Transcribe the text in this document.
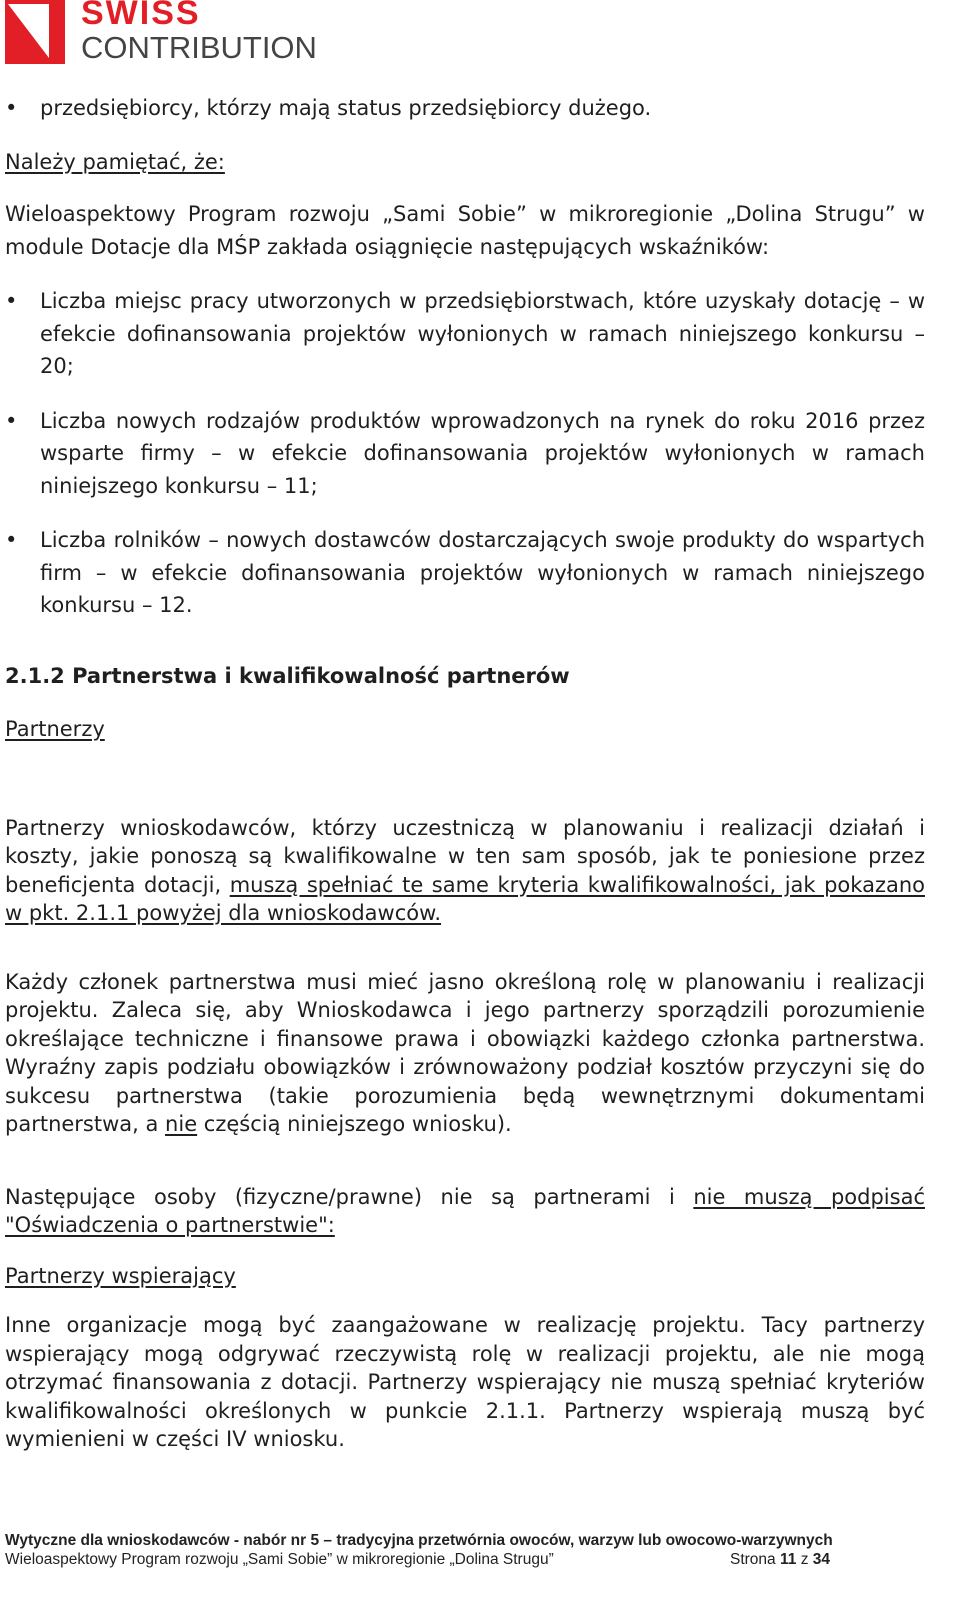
SWISS
CONTRIBUTION
• przedsiębiorcy, którzy mają status przedsiębiorcy dużego.

Należy pamiętać, że:

Wieloaspektowy Program rozwoju „Sami Sobie” w mikroregionie „Dolina Strugu” w module Dotacje dla MŚP zakłada osiągnięcie następujących wskaźników:

• Liczba miejsc pracy utworzonych w przedsiębiorstwach, które uzyskały dotację – w efekcie dofinansowania projektów wyłonionych w ramach niniejszego konkursu – 20;
• Liczba nowych rodzajów produktów wprowadzonych na rynek do roku 2016 przez wsparte firmy – w efekcie dofinansowania projektów wyłonionych w ramach niniejszego konkursu – 11;
• Liczba rolników – nowych dostawców dostarczających swoje produkty do wspartych firm – w efekcie dofinansowania projektów wyłonionych w ramach niniejszego konkursu – 12.

2.1.2 Partnerstwa i kwalifikowalność partnerów

Partnerzy

Partnerzy wnioskodawców, którzy uczestniczą w planowaniu i realizacji działań i koszty, jakie ponoszą są kwalifikowalne w ten sam sposób, jak te poniesione przez beneficjenta dotacji, muszą spełniać te same kryteria kwalifikowalności, jak pokazano w pkt. 2.1.1 powyżej dla wnioskodawców.

Każdy członek partnerstwa musi mieć jasno określoną rolę w planowaniu i realizacji projektu. Zaleca się, aby Wnioskodawca i jego partnerzy sporządzili porozumienie określające techniczne i finansowe prawa i obowiązki każdego członka partnerstwa. Wyraźny zapis podziału obowiązków i zrównoważony podział kosztów przyczyni się do sukcesu partnerstwa (takie porozumienia będą wewnętrznymi dokumentami partnerstwa, a nie częścią niniejszego wniosku).

Następujące osoby (fizyczne/prawne) nie są partnerami i nie muszą podpisać "Oświadczenia o partnerstwie":

Partnerzy wspierający

Inne organizacje mogą być zaangażowane w realizację projektu. Tacy partnerzy wspierający mogą odgrywać rzeczywistą rolę w realizacji projektu, ale nie mogą otrzymać finansowania z dotacji. Partnerzy wspierający nie muszą spełniać kryteriów kwalifikowalności określonych w punkcie 2.1.1. Partnerzy wspierają muszą być wymienieni w części IV wniosku.

Wytyczne dla wnioskodawców - nabór nr 5 – tradycyjna przetwórnia owoców, warzyw lub owocowo-warzywnych
Wieloaspektowy Program rozwoju „Sami Sobie” w mikroregionie „Dolina Strugu”	Strona 11 z 34
